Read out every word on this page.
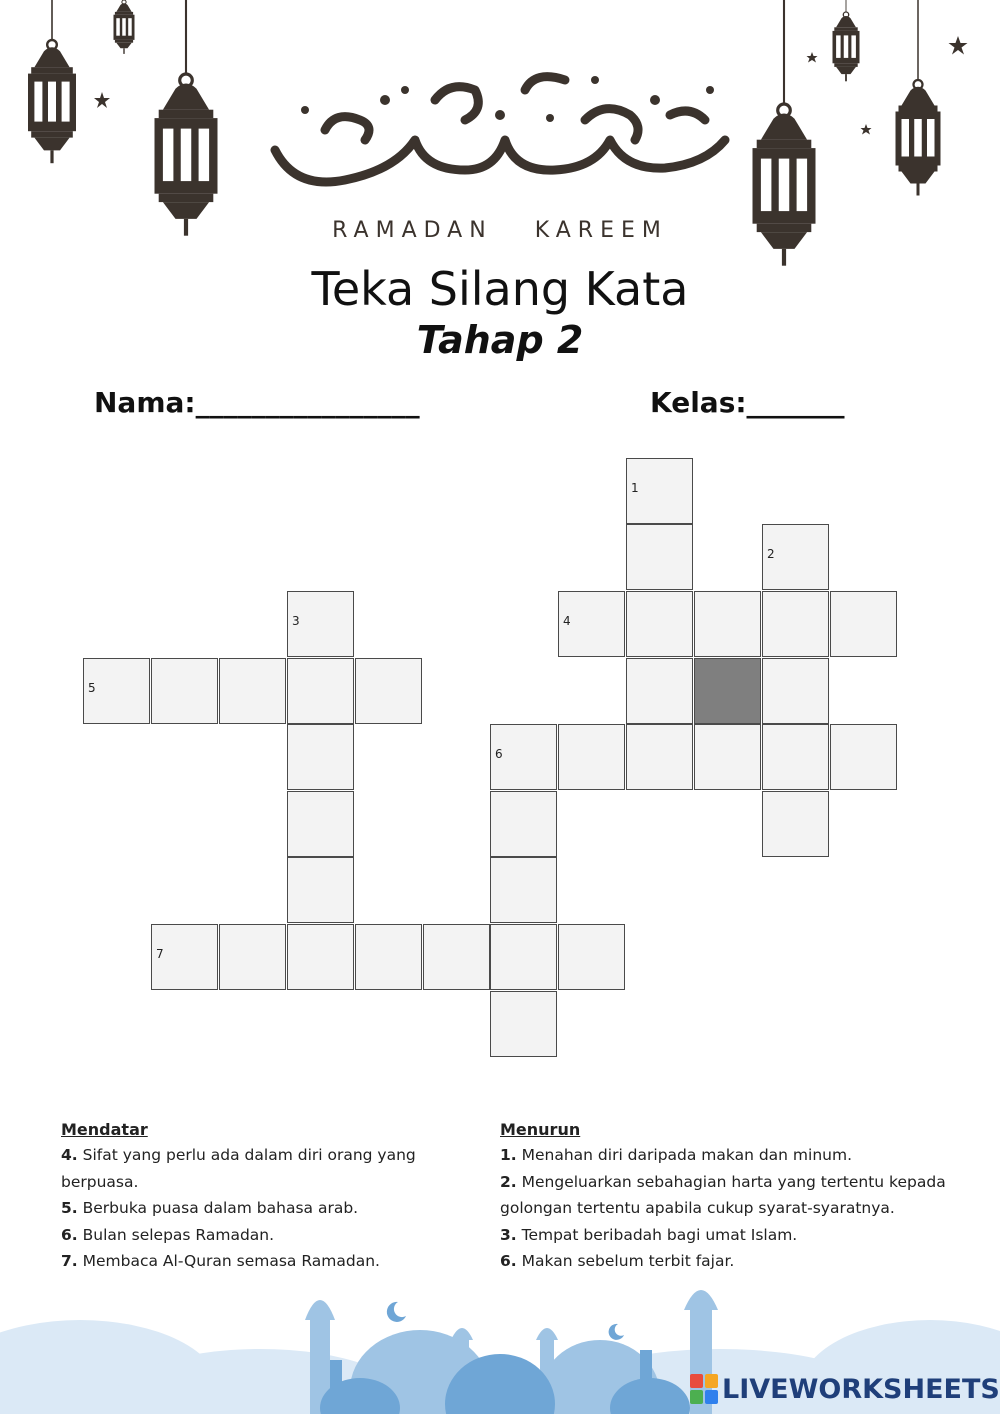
RAMADAN KAREEM
Teka Silang Kata
Tahap 2
Nama:________________	Kelas:_______
1
2
3	4
5
6
7
Mendatar
4. Sifat yang perlu ada dalam diri orang yang berpuasa.
5. Berbuka puasa dalam bahasa arab.
6. Bulan selepas Ramadan.
7. Membaca Al-Quran semasa Ramadan.
Menurun
1. Menahan diri daripada makan dan minum.
2. Mengeluarkan sebahagian harta yang tertentu kepada golongan tertentu apabila cukup syarat-syaratnya.
3. Tempat beribadah bagi umat Islam.
6. Makan sebelum terbit fajar.
LIVEWORKSHEETS
